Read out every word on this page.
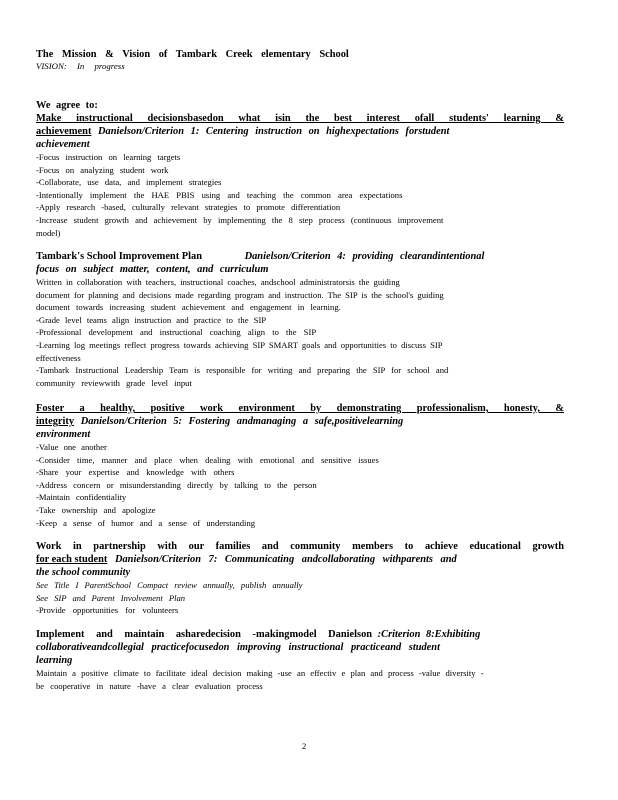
The Mission & Vision of Tambark Creek elementary School
VISION: In progress
We agree to:
Make instructional decisionsbasedon what isin the best interest ofall students' learning &
achievement Danielson/Criterion 1: Centering instruction on highexpectations forstudent
achievement
-Focus instruction on learning targets
-Focus on analyzing student work
-Collaborate, use data, and implement strategies
-Intentionally implement the HAE PBIS using and teaching the common area expectations
-Apply research -based, culturally relevant strategies to promote differentiation
-Increase student growth and achievement by implementing the 8 step process (continuous improvement
model)
Tambark's School Improvement Plan	Danielson/Criterion 4: providing clearandintentional
focus on subject matter, content, and curriculum
Written in collaboration with teachers, instructional coaches, andschool administratorsis the guiding
document for planning and decisions made regarding program and instruction. The SIP is the school's guiding
document towards increasing student achievement and engagement in learning.
-Grade level teams align instruction and practice to the SIP
-Professional development and instructional coaching align to the SIP
-Learning log meetings reflect progress towards achieving SIP SMART goals and opportunities to discuss SIP
effectiveness
-Tambark Instructional Leadership Team is responsible for writing and preparing the SIP for school and
community reviewwith grade level input
Foster a healthy, positive work environment by demonstrating professionalism, honesty, &
integrity Danielson/Criterion 5: Fostering andmanaging a safe,positivelearning
environment
-Value one another
-Consider time, manner and place when dealing with emotional and sensitive issues
-Share your expertise and knowledge with others
-Address concern or misunderstanding directly by talking to the person
-Maintain confidentiality
-Take ownership and apologize
-Keep a sense of humor and a sense of understanding
Work in partnership with our families and community members to achieve educational growth
for each student Danielson/Criterion 7: Communicating andcollaborating withparents and
the school community
See Title I ParentSchool Compact review annually, publish annually
See SIP and Parent Involvement Plan
-Provide opportunities for volunteers
Implement and maintain asharedecision -makingmodel Danielson :Criterion 8:Exhibiting
collaborativeandcollegial practicefocusedon improving instructional practiceand student
learning
Maintain a positive climate to facilitate ideal decision making -use an effectiv e plan and process -value diversity -
be cooperative in nature -have a clear evaluation process
2
